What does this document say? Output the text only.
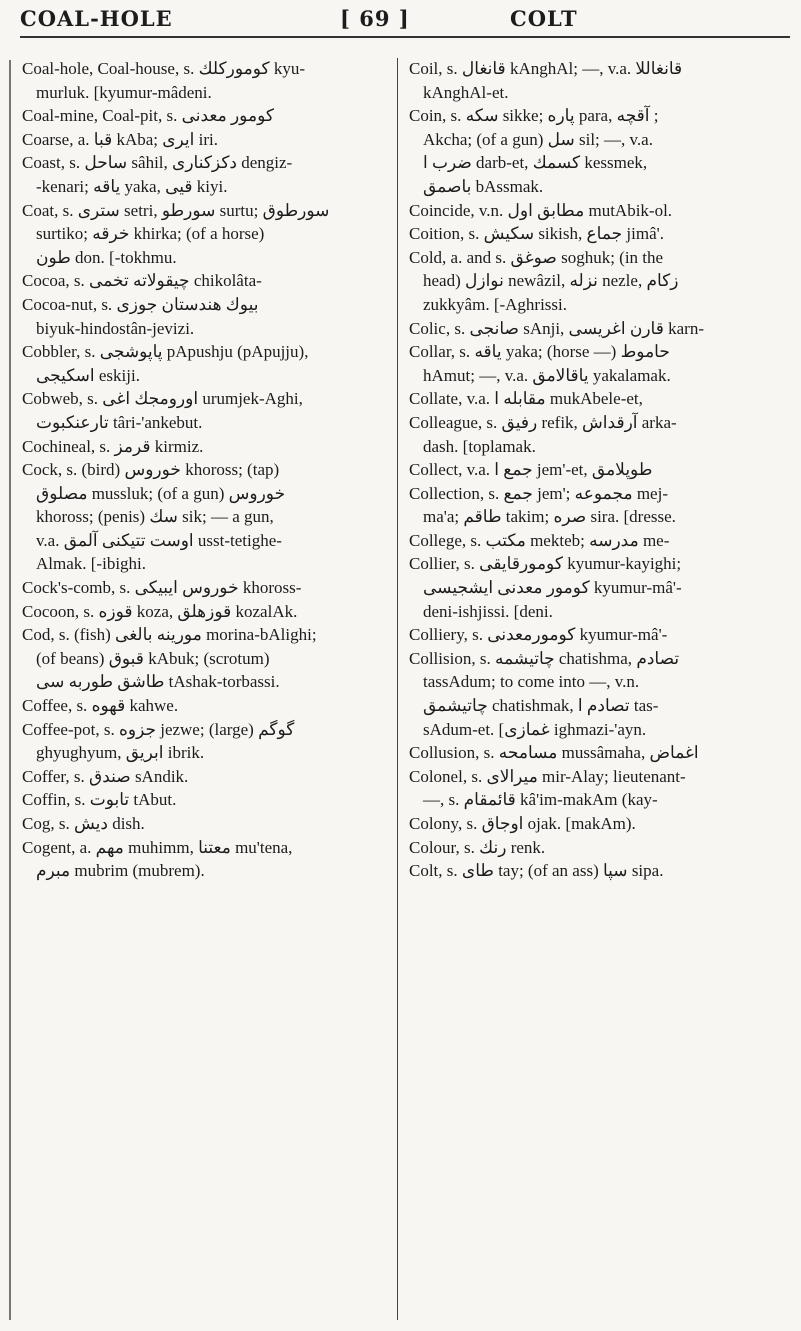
COAL-HOLE	[ 69 ]	COLT
Coal-hole, Coal-house, s. كوموركلك kyu-
murluk. [kyumur-mâdeni.
Coal-mine, Coal-pit, s. كومور معدنی
Coarse, a. قبا kAba; ايرى iri.
Coast, s. ساحل sâhil, دكزكنارى dengiz-
-kenari; ياقه yaka, قيى kiyi.
Coat, s. سترى setri, سورطو surtu; سورطوق
surtiko; خرقه khirka; (of a horse)
طون don. [-tokhmu.
Cocoa, s. چيقولاته تخمی chikolâta-
Cocoa-nut, s. بيوك هندستان جوزی
biyuk-hindostân-jevizi.
Cobbler, s. پاپوشجی pApushju (pApujju),
اسكيجی eskiji.
Cobweb, s. اورومجك اغى urumjek-Aghi,
تارعنكبوت târi-'ankebut.
Cochineal, s. قرمز kirmiz.
Cock, s. (bird) خوروس khoross; (tap)
مصلوق mussluk; (of a gun) خوروس
khoross; (penis) سك sik; — a gun,
v.a. اوست تتيكنى آلمق usst-tetighe-
Almak. [-ibighi.
Cock's-comb, s. خوروس ايبيكی khoross-
Cocoon, s. قوزه koza, قوزهلق kozalAk.
Cod, s. (fish) مورينه بالغى morina-bAlighi;
(of beans) قبوق kAbuk; (scrotum)
طاشق طوربه سى tAshak-torbassi.
Coffee, s. قهوه kahwe.
Coffee-pot, s. جزوه jezwe; (large) گوگم
ghyughyum, ابريق ibrik.
Coffer, s. صندق sAndik.
Coffin, s. تابوت tAbut.
Cog, s. ديش dish.
Cogent, a. مهم muhimm, معتنا mu'tena,
مبرم mubrim (mubrem).
Coil, s. قانغال kAnghAl; —, v.a. قانغاللا
kAnghAl-et.
Coin, s. سكه sikke; پاره para, آقچه ;
Akcha; (of a gun) سل sil; —, v.a.
ضرب ا darb-et, كسمك kessmek,
باصمق bAssmak.
Coincide, v.n. مطابق اول mutAbik-ol.
Coition, s. سكيش sikish, جماع jimâ'.
Cold, a. and s. صوغق soghuk; (in the
head) نوازل newâzil, نزله nezle, زكام
zukkyâm. [-Aghrissi.
Colic, s. صانجی sAnji, قارن اغريسی karn-
Collar, s. ياقه yaka; (horse —) حاموط
hAmut; —, v.a. ياقالامق yakalamak.
Collate, v.a. مقابله ا mukAbele-et,
Colleague, s. رفيق refik, آرقداش arka-
dash. [toplamak.
Collect, v.a. جمع ا jem'-et, طوپلامق
Collection, s. جمع jem'; مجموعه mej-
ma'a; طاقم takim; صره sira. [dresse.
College, s. مكتب mekteb; مدرسه me-
Collier, s. كومورقايقی kyumur-kayighi;
كومور معدنی ايشجيسی kyumur-mâ'-
deni-ishjissi. [deni.
Colliery, s. كومورمعدنی kyumur-mâ'-
Collision, s. چاتيشمه chatishma, تصادم
tassAdum; to come into —, v.n.
چاتيشمق chatishmak, تصادم ا tas-
sAdum-et. [غمازى ighmazi-'ayn.
Collusion, s. مسامحه mussâmaha, اغماض
Colonel, s. ميرالاى mir-Alay; lieutenant-
—, s. قائمقام kâ'im-makAm (kay-
Colony, s. اوجاق ojak. [makAm).
Colour, s. رنك renk.
Colt, s. طاى tay; (of an ass) سپا sipa.
